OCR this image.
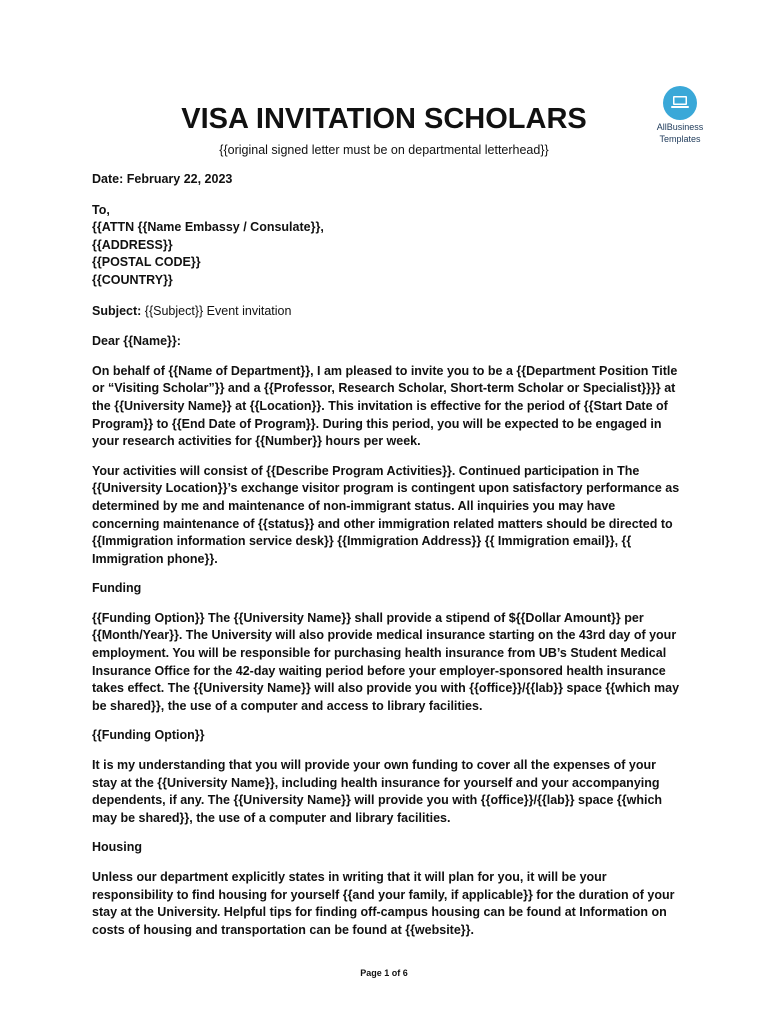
AllBusiness
Templates
VISA INVITATION SCHOLARS
{{original signed letter must be on departmental letterhead}}

Date: February 22, 2023

To,

{{ATTN {{Name Embassy / Consulate}},

{{ADDRESS}}

{{POSTAL CODE}}

{{COUNTRY}}

Subject: {{Subject}} Event invitation

Dear {{Name}}:

On behalf of {{Name of Department}}, I am pleased to invite you to be a {{Department Position Title or “Visiting Scholar”}} and a {{Professor, Research Scholar, Short-term Scholar or Specialist}}}} at the {{University Name}} at {{Location}}. This invitation is effective for the period of {{Start Date of Program}} to {{End Date of Program}}. During this period, you will be expected to be engaged in your research activities for {{Number}} hours per week.

Your activities will consist of {{Describe Program Activities}}. Continued participation in The {{University Location}}’s exchange visitor program is contingent upon satisfactory performance as determined by me and maintenance of non-immigrant status. All inquiries you may have concerning maintenance of {{status}} and other immigration related matters should be directed to {{Immigration information service desk}} {{Immigration Address}} {{ Immigration email}}, {{ Immigration phone}}.

Funding

{{Funding Option}} The {{University Name}} shall provide a stipend of ${{Dollar Amount}} per {{Month/Year}}. The University will also provide medical insurance starting on the 43rd day of your employment. You will be responsible for purchasing health insurance from UB’s Student Medical Insurance Office for the 42-day waiting period before your employer-sponsored health insurance takes effect. The {{University Name}} will also provide you with {{office}}/{{lab}} space {{which may be shared}}, the use of a computer and access to library facilities.

{{Funding Option}}

It is my understanding that you will provide your own funding to cover all the expenses of your stay at the {{University Name}}, including health insurance for yourself and your accompanying dependents, if any. The {{University Name}} will provide you with {{office}}/{{lab}} space {{which may be shared}}, the use of a computer and library facilities.

Housing

Unless our department explicitly states in writing that it will plan for you, it will be your responsibility to find housing for yourself {{and your family, if applicable}} for the duration of your stay at the University. Helpful tips for finding off-campus housing can be found at Information on costs of housing and transportation can be found at {{website}}.

Page 1 of 6
